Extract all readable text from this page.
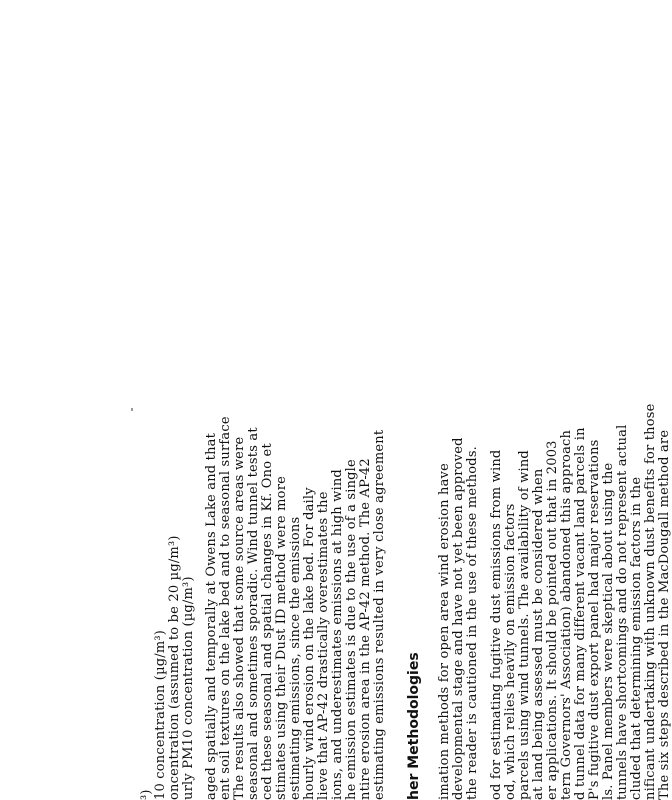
³) 10 concentration (µg/m³) oncentration (assumed to be 20 µg/m³) urly PM10 concentration (µg/m³) aged spatially and temporally at Owens Lake and that ent soil textures on the lake bed and to seasonal surface The results also showed that some source areas were seasonal and sometimes sporadic. Wind tunnel tests at ced these seasonal and spatial changes in Kf. Ono et stimates using their Dust ID method were more estimating emissions, since the emissions hourly wind erosion on the lake bed. For daily lieve that AP-42 drastically overestimates the ions, and underestimates emissions at high wind he emission estimates is due to the use of a single ntire erosion area in the AP-42 method. The AP-42 estimating emissions resulted in very close agreement her Methodologies imation methods for open area wind erosion have developmental stage and have not yet been approved the reader is cautioned in the use of these methods. od for estimating fugitive dust emissions from wind od, which relies heavily on emission factors parcels using wind tunnels. The availability of wind at land being assessed must be considered when er applications. It should be pointed out that in 2003 tern Governors' Association) abandoned this approach d tunnel data for many different vacant land parcels in P's fugitive dust export panel had major reservations ls. Panel members were skeptical about using the tunnels have shortcomings and do not represent actual cluded that determining emission factors in the nificant undertaking with unknown dust benefits for those The six steps described in the MacDougall method are
